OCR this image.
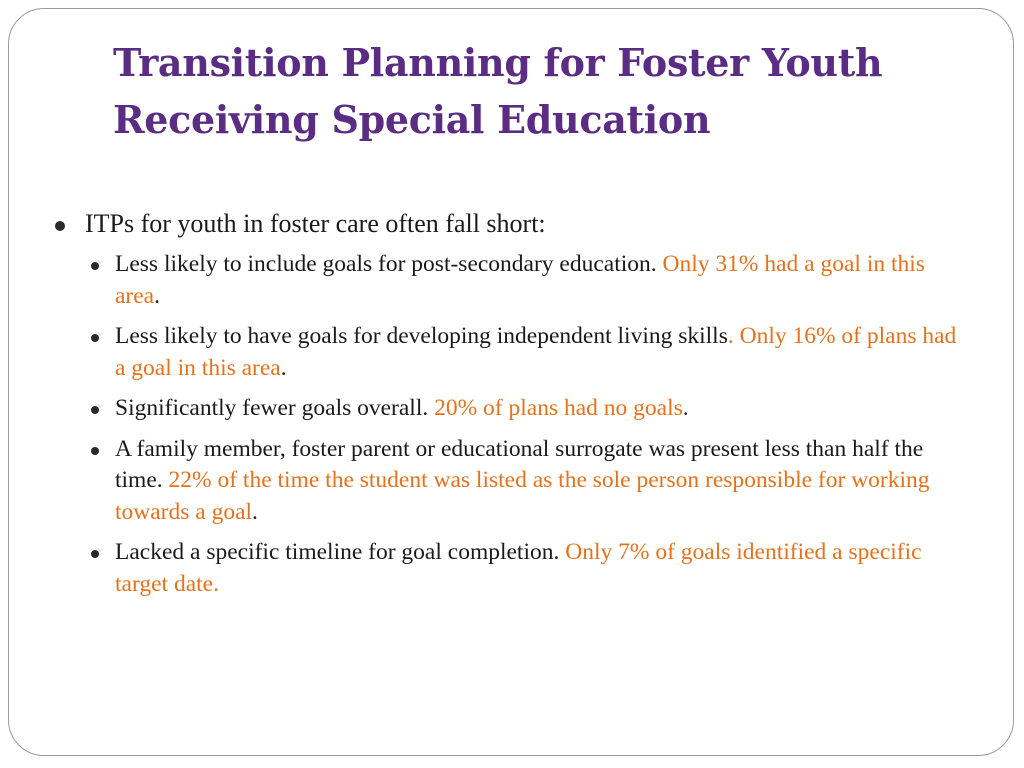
Transition Planning for Foster Youth
Receiving Special Education
ITPs for youth in foster care often fall short:
Less likely to include goals for post-secondary education. Only 31% had a goal in this area.
Less likely to have goals for developing independent living skills. Only 16% of plans had a goal in this area.
Significantly fewer goals overall. 20% of plans had no goals.
A family member, foster parent or educational surrogate was present less than half the time. 22% of the time the student was listed as the sole person responsible for working towards a goal.
Lacked a specific timeline for goal completion. Only 7% of goals identified a specific target date.
